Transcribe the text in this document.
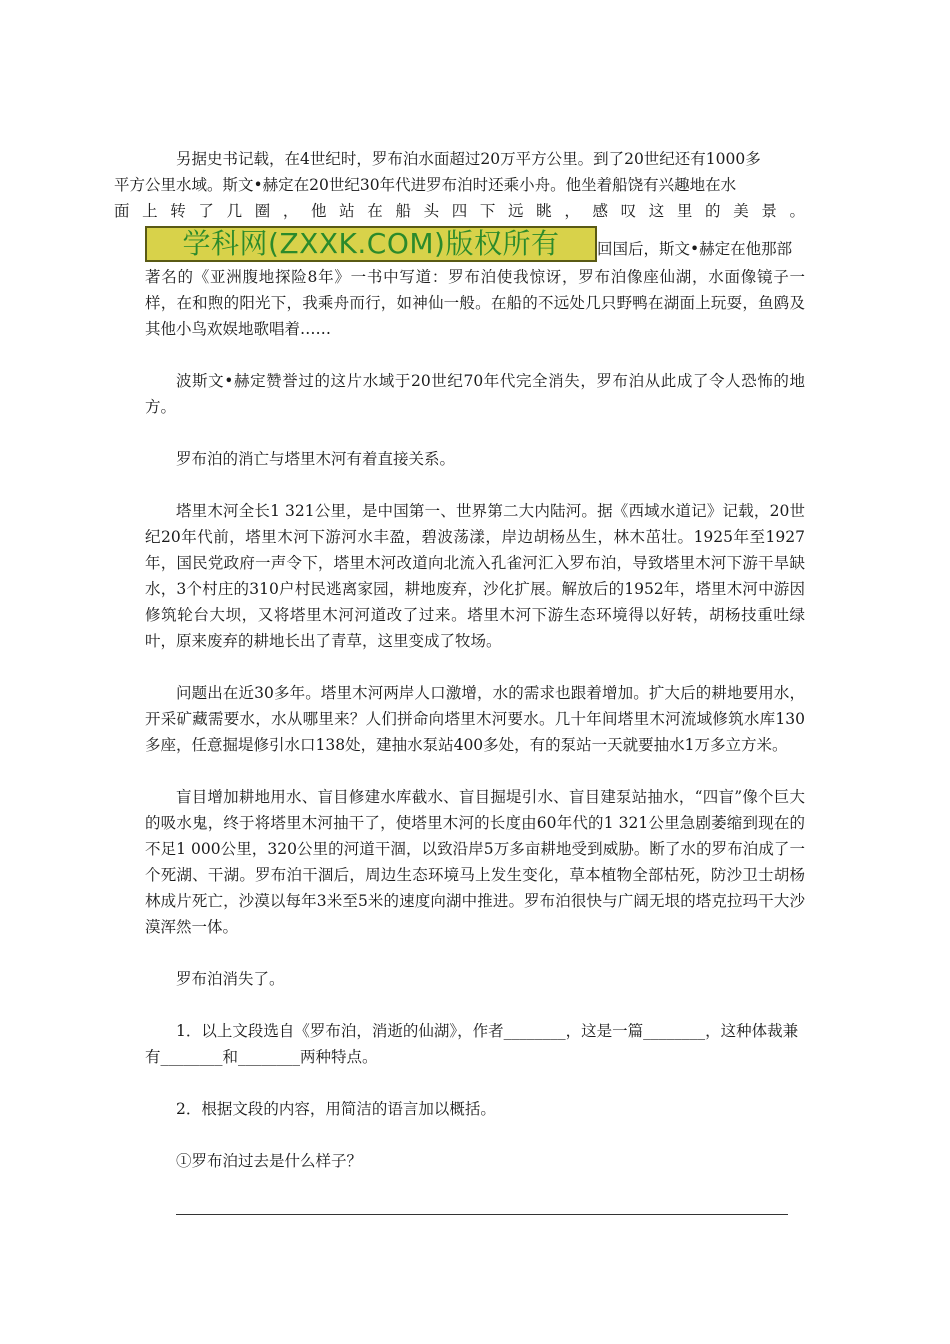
另据史书记载，在4世纪时，罗布泊水面超过20万平方公里。到了20世纪还有1000多
平方公里水域。斯文•赫定在20世纪30年代进罗布泊时还乘小舟。他坐着船饶有兴趣地在水
面上转了几圈，他站在船头四下远眺，感叹这里的美景。
学科网(ZXXK.COM)版权所有	回国后，斯文•赫定在他那部
著名的《亚洲腹地探险8年》一书中写道：罗布泊使我惊讶，罗布泊像座仙湖，水面像镜子一样，在和煦的阳光下，我乘舟而行，如神仙一般。在船的不远处几只野鸭在湖面上玩耍，鱼鸥及其他小鸟欢娱地歌唱着……
波斯文•赫定赞誉过的这片水域于20世纪70年代完全消失，罗布泊从此成了令人恐怖的地方。
罗布泊的消亡与塔里木河有着直接关系。
塔里木河全长1 321公里，是中国第一、世界第二大内陆河。据《西域水道记》记载，20世纪20年代前，塔里木河下游河水丰盈，碧波荡漾，岸边胡杨丛生，林木茁壮。1925年至1927年，国民党政府一声令下，塔里木河改道向北流入孔雀河汇入罗布泊，导致塔里木河下游干旱缺水，3个村庄的310户村民逃离家园，耕地废弃，沙化扩展。解放后的1952年，塔里木河中游因修筑轮台大坝，又将塔里木河河道改了过来。塔里木河下游生态环境得以好转，胡杨技重吐绿叶，原来废弃的耕地长出了青草，这里变成了牧场。
问题出在近30多年。塔里木河两岸人口激增，水的需求也跟着增加。扩大后的耕地要用水，开采矿藏需要水，水从哪里来？人们拼命向塔里木河要水。几十年间塔里木河流域修筑水库130多座，任意掘堤修引水口138处，建抽水泵站400多处，有的泵站一天就要抽水1万多立方米。
盲目增加耕地用水、盲目修建水库截水、盲目掘堤引水、盲目建泵站抽水，“四盲”像个巨大的吸水鬼，终于将塔里木河抽干了，使塔里木河的长度由60年代的1 321公里急剧萎缩到现在的不足1 000公里，320公里的河道干涸，以致沿岸5万多亩耕地受到威胁。断了水的罗布泊成了一个死湖、干湖。罗布泊干涸后，周边生态环境马上发生变化，草本植物全部枯死，防沙卫士胡杨林成片死亡，沙漠以每年3米至5米的速度向湖中推进。罗布泊很快与广阔无垠的塔克拉玛干大沙漠浑然一体。
罗布泊消失了。
1．以上文段选自《罗布泊，消逝的仙湖》，作者________，这是一篇________，这种体裁兼有________和________两种特点。
2．根据文段的内容，用简洁的语言加以概括。
①罗布泊过去是什么样子？
